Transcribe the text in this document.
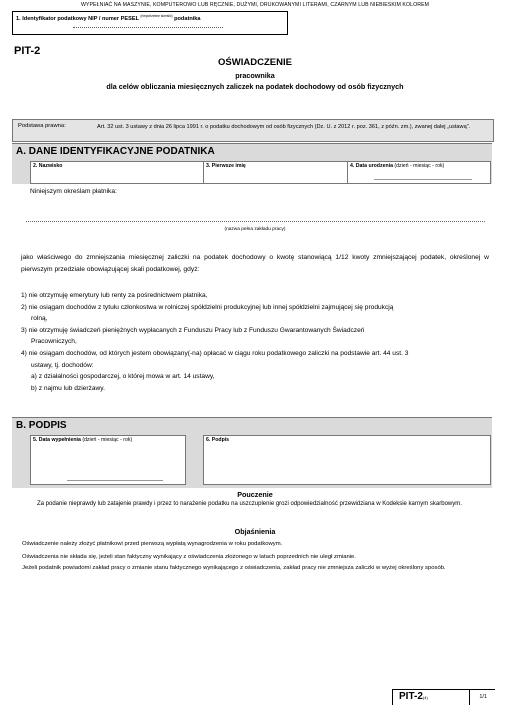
WYPEŁNIAĆ NA MASZYNIE, KOMPUTEROWO LUB RĘCZNIE, DUŻYMI, DRUKOWANYMI LITERAMI, CZARNYM LUB NIEBIESKIM KOLOREM
1. Identyfikator podatkowy NIP / numer PESEL $^{(niepotrzebne skreślić)}$ podatnika
PIT-2
OŚWIADCZENIE
pracownika
dla celów obliczania miesięcznych zaliczek na podatek dochodowy od osób fizycznych
Podstawa prawna:	Art. 32 ust. 3 ustawy z dnia 26 lipca 1991 r. o podatku dochodowym od osób fizycznych (Dz. U. z 2012 r. poz. 361, z późn. zm.), zwanej dalej „ustawą”.
A. DANE IDENTYFIKACYJNE PODATNIKA
2. Nazwisko	3. Pierwsze imię	4. Data urodzenia (dzień - miesiąc - rok)
Niniejszym określam płatnika:
(nazwa pełna zakładu pracy)
jako właściwego do zmniejszania miesięcznej zaliczki na podatek dochodowy o kwotę stanowiącą 1/12 kwoty zmniejszającej podatek, określonej w pierwszym przedziale obowiązującej skali podatkowej, gdyż:
1) nie otrzymuję emerytury lub renty za pośrednictwem płatnika,
2) nie osiągam dochodów z tytułu członkostwa w rolniczej spółdzielni produkcyjnej lub innej spółdzielni zajmującej się produkcją
rolną,
3) nie otrzymuję świadczeń pieniężnych wypłacanych z Funduszu Pracy lub z Funduszu Gwarantowanych Świadczeń
Pracowniczych,
4) nie osiągam dochodów, od których jestem obowiązany(-na) opłacać w ciągu roku podatkowego zaliczki na podstawie art. 44 ust. 3
ustawy, tj. dochodów:
a) z działalności gospodarczej, o której mowa w art. 14 ustawy,
b) z najmu lub dzierżawy.
B. PODPIS
5. Data wypełnienia (dzień - miesiąc - rok)	6. Podpis
Pouczenie
Za podanie nieprawdy lub zatajenie prawdy i przez to narażenie podatku na uszczuplenie grozi odpowiedzialność przewidziana w Kodeksie karnym skarbowym.
Objaśnienia
Oświadczenie należy złożyć płatnikowi przed pierwszą wypłatą wynagrodzenia w roku podatkowym.
Oświadczenia nie składa się, jeżeli stan faktyczny wynikający z oświadczenia złożonego w latach poprzednich nie uległ zmianie.
Jeżeli podatnik powiadomi zakład pracy o zmianie stanu faktycznego wynikającego z oświadczenia, zakład pracy nie zmniejsza zaliczki w wyżej określony sposób.
PIT-2(4)	1/1
